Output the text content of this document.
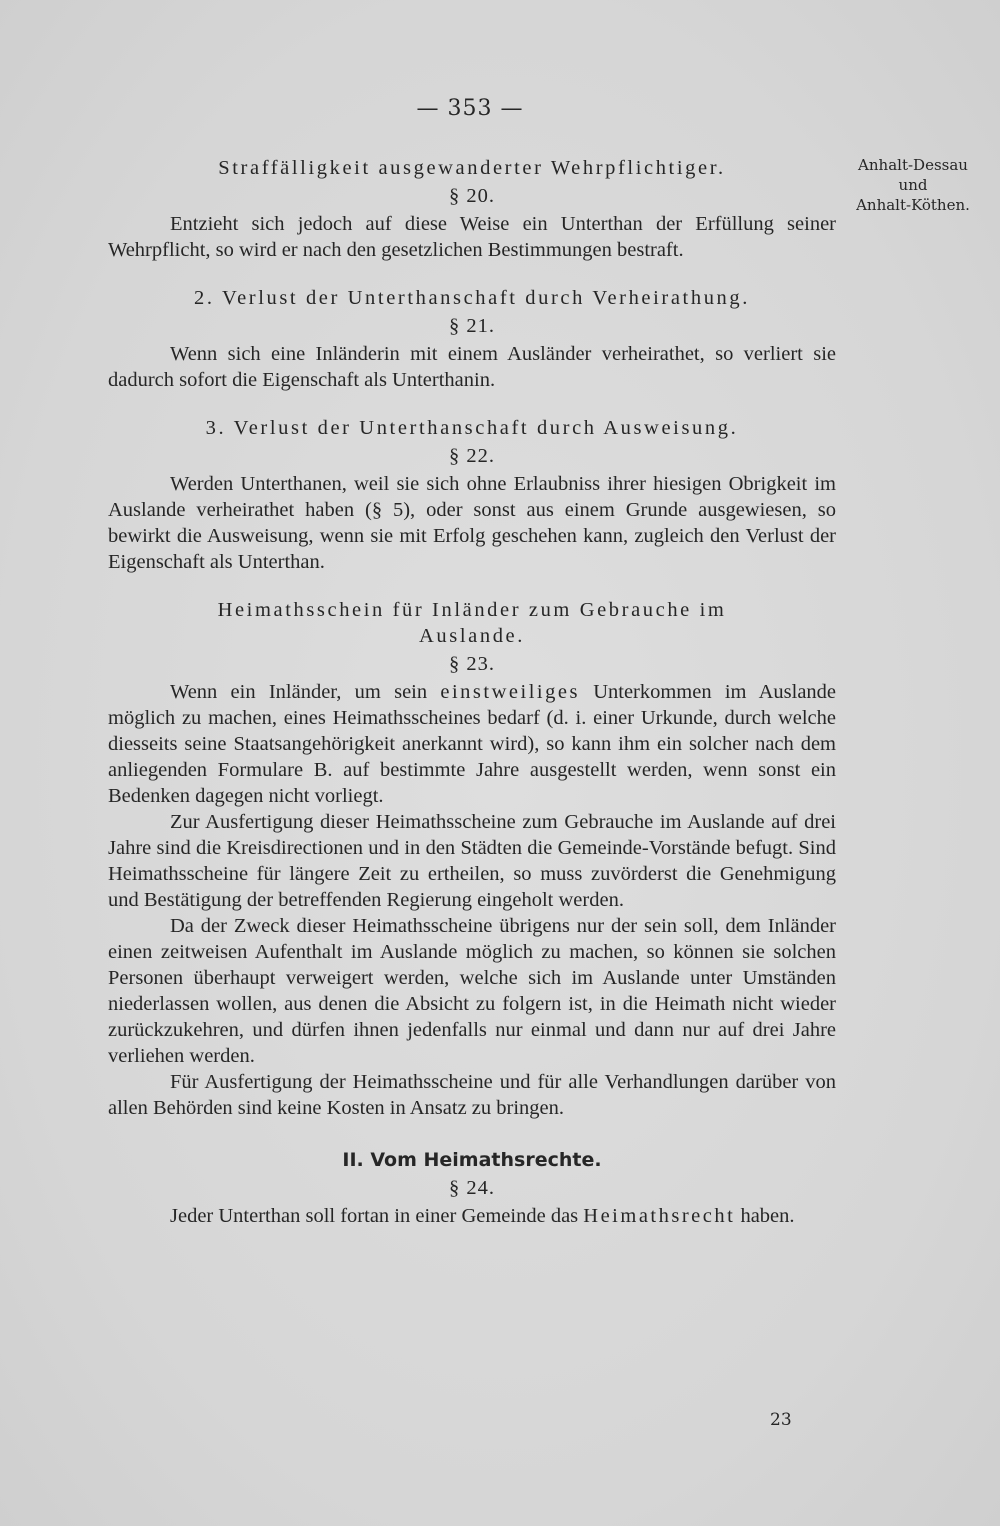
— 353 —
Anhalt-Dessau
und
Anhalt-Köthen.
Straffälligkeit ausgewanderter Wehrpflichtiger.
§ 20.

Entzieht sich jedoch auf diese Weise ein Unterthan der Erfüllung seiner Wehrpflicht, so wird er nach den gesetzlichen Bestimmungen bestraft.

2. Verlust der Unterthanschaft durch Verheirathung.
§ 21.

Wenn sich eine Inländerin mit einem Ausländer verheirathet, so verliert sie dadurch sofort die Eigenschaft als Unterthanin.

3. Verlust der Unterthanschaft durch Ausweisung.
§ 22.

Werden Unterthanen, weil sie sich ohne Erlaubniss ihrer hiesigen Obrigkeit im Auslande verheirathet haben (§ 5), oder sonst aus einem Grunde ausgewiesen, so bewirkt die Ausweisung, wenn sie mit Erfolg geschehen kann, zugleich den Verlust der Eigenschaft als Unterthan.

Heimathsschein für Inländer zum Gebrauche im
Auslande.
§ 23.

Wenn ein Inländer, um sein einstweiliges Unterkommen im Auslande möglich zu machen, eines Heimathsscheines bedarf (d. i. einer Urkunde, durch welche diesseits seine Staatsangehörigkeit anerkannt wird), so kann ihm ein solcher nach dem anliegenden Formulare B. auf bestimmte Jahre ausgestellt werden, wenn sonst ein Bedenken dagegen nicht vorliegt.

Zur Ausfertigung dieser Heimathsscheine zum Gebrauche im Auslande auf drei Jahre sind die Kreisdirectionen und in den Städten die Gemeinde-Vorstände befugt. Sind Heimathsscheine für längere Zeit zu ertheilen, so muss zuvörderst die Genehmigung und Bestätigung der betreffenden Regierung eingeholt werden.

Da der Zweck dieser Heimathsscheine übrigens nur der sein soll, dem Inländer einen zeitweisen Aufenthalt im Auslande möglich zu machen, so können sie solchen Personen überhaupt verweigert werden, welche sich im Auslande unter Umständen niederlassen wollen, aus denen die Absicht zu folgern ist, in die Heimath nicht wieder zurückzukehren, und dürfen ihnen jedenfalls nur einmal und dann nur auf drei Jahre verliehen werden.

Für Ausfertigung der Heimathsscheine und für alle Verhandlungen darüber von allen Behörden sind keine Kosten in Ansatz zu bringen.

II. Vom Heimathsrechte.
§ 24.

Jeder Unterthan soll fortan in einer Gemeinde das Heimathsrecht haben.

23
